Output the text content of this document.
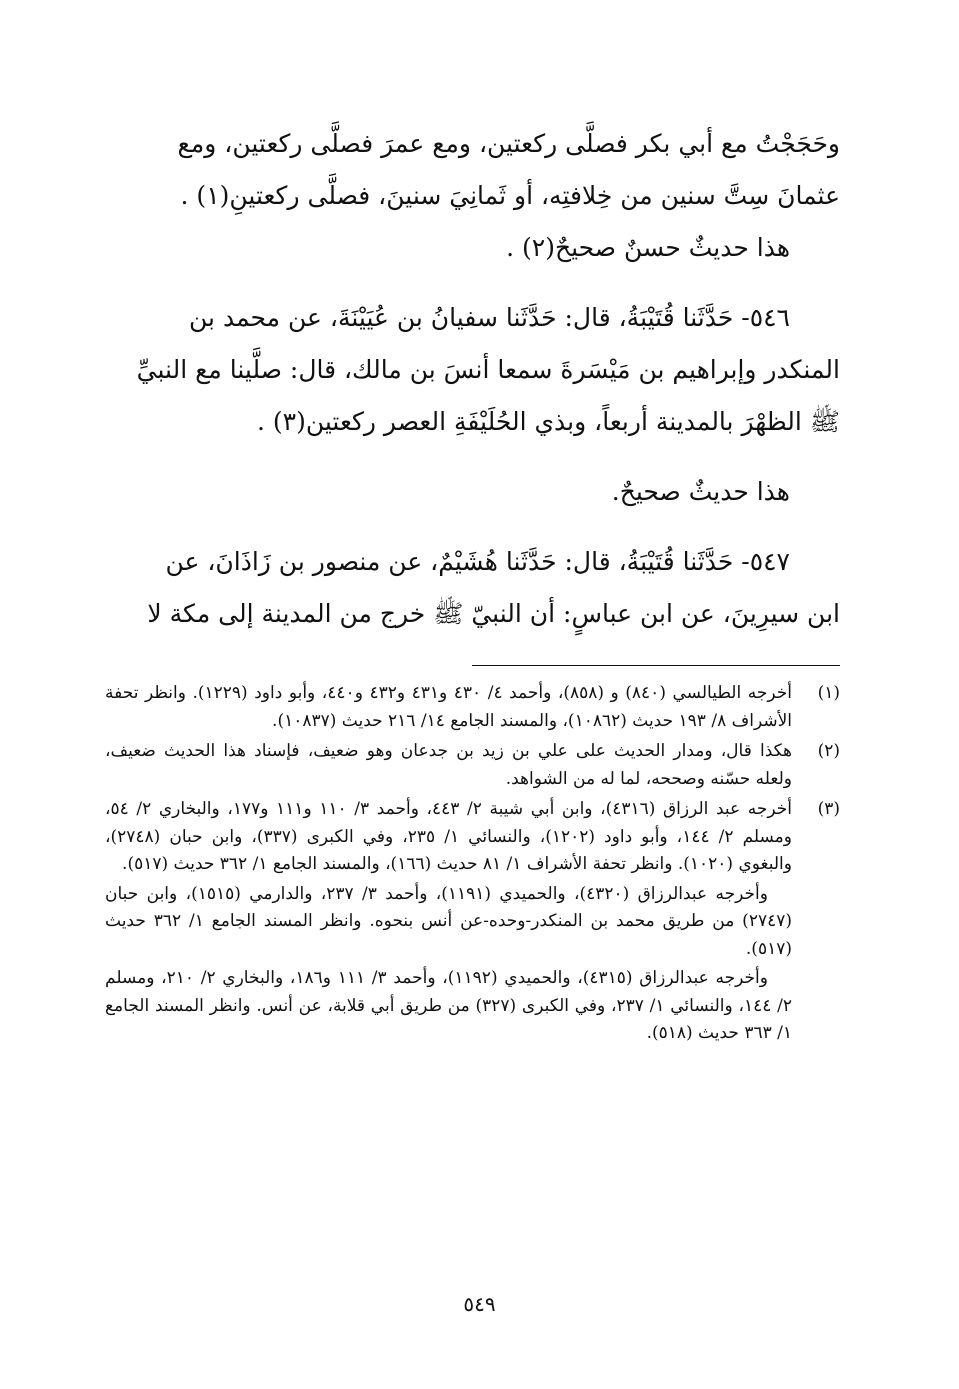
وحَجَجْتُ مع أبي بكر فصلَّى ركعتين، ومع عمرَ فصلَّى ركعتين، ومع

عثمانَ سِتَّ سنين من خِلافتِه، أو ثَمانِيَ سنينَ، فصلَّى ركعتينِ(١) .

هذا حديثٌ حسنٌ صحيحٌ(٢) .

٥٤٦- حَدَّثَنا قُتَيْبَةُ، قال: حَدَّثَنا سفيانُ بن عُيَيْنَةَ، عن محمد بن

المنكدر وإبراهيم بن مَيْسَرةَ سمعا أنسَ بن مالك، قال: صلَّينا مع النبيِّ

ﷺ الظهْرَ بالمدينة أربعاً، وبذي الحُلَيْفَةِ العصر ركعتين(٣) .

هذا حديثٌ صحيحٌ.

٥٤٧- حَدَّثَنا قُتَيْبَةُ، قال: حَدَّثَنا هُشَيْمٌ، عن منصور بن زَاذَانَ، عن

ابن سيرِينَ، عن ابن عباسٍ: أن النبيّ ﷺ خرج من المدينة إلى مكة لا

(١)

أخرجه الطيالسي (٨٤٠) و (٨٥٨)، وأحمد ٤/ ٤٣٠ و٤٣١ و٤٣٢ و٤٤٠، وأبو داود (١٢٢٩). وانظر تحفة الأشراف ٨/ ١٩٣ حديث (١٠٨٦٢)، والمسند الجامع ١٤/ ٢١٦ حديث (١٠٨٣٧).

(٢)

هكذا قال، ومدار الحديث على علي بن زيد بن جدعان وهو ضعيف، فإسناد هذا الحديث ضعيف، ولعله حسّنه وصححه، لما له من الشواهد.

(٣)

أخرجه عبد الرزاق (٤٣١٦)، وابن أبي شيبة ٢/ ٤٤٣، وأحمد ٣/ ١١٠ و١١١ و١٧٧، والبخاري ٢/ ٥٤، ومسلم ٢/ ١٤٤، وأبو داود (١٢٠٢)، والنسائي ١/ ٢٣٥، وفي الكبرى (٣٣٧)، وابن حبان (٢٧٤٨)، والبغوي (١٠٢٠). وانظر تحفة الأشراف ١/ ٨١ حديث (١٦٦)، والمسند الجامع ١/ ٣٦٢ حديث (٥١٧).

وأخرجه عبدالرزاق (٤٣٢٠)، والحميدي (١١٩١)، وأحمد ٣/ ٢٣٧، والدارمي (١٥١٥)، وابن حبان (٢٧٤٧) من طريق محمد بن المنكدر-وحده-عن أنس بنحوه. وانظر المسند الجامع ١/ ٣٦٢ حديث (٥١٧).

وأخرجه عبدالرزاق (٤٣١٥)، والحميدي (١١٩٢)، وأحمد ٣/ ١١١ و١٨٦، والبخاري ٢/ ٢١٠، ومسلم ٢/ ١٤٤، والنسائي ١/ ٢٣٧، وفي الكبرى (٣٢٧) من طريق أبي قلابة، عن أنس. وانظر المسند الجامع ١/ ٣٦٣ حديث (٥١٨).

٥٤٩
